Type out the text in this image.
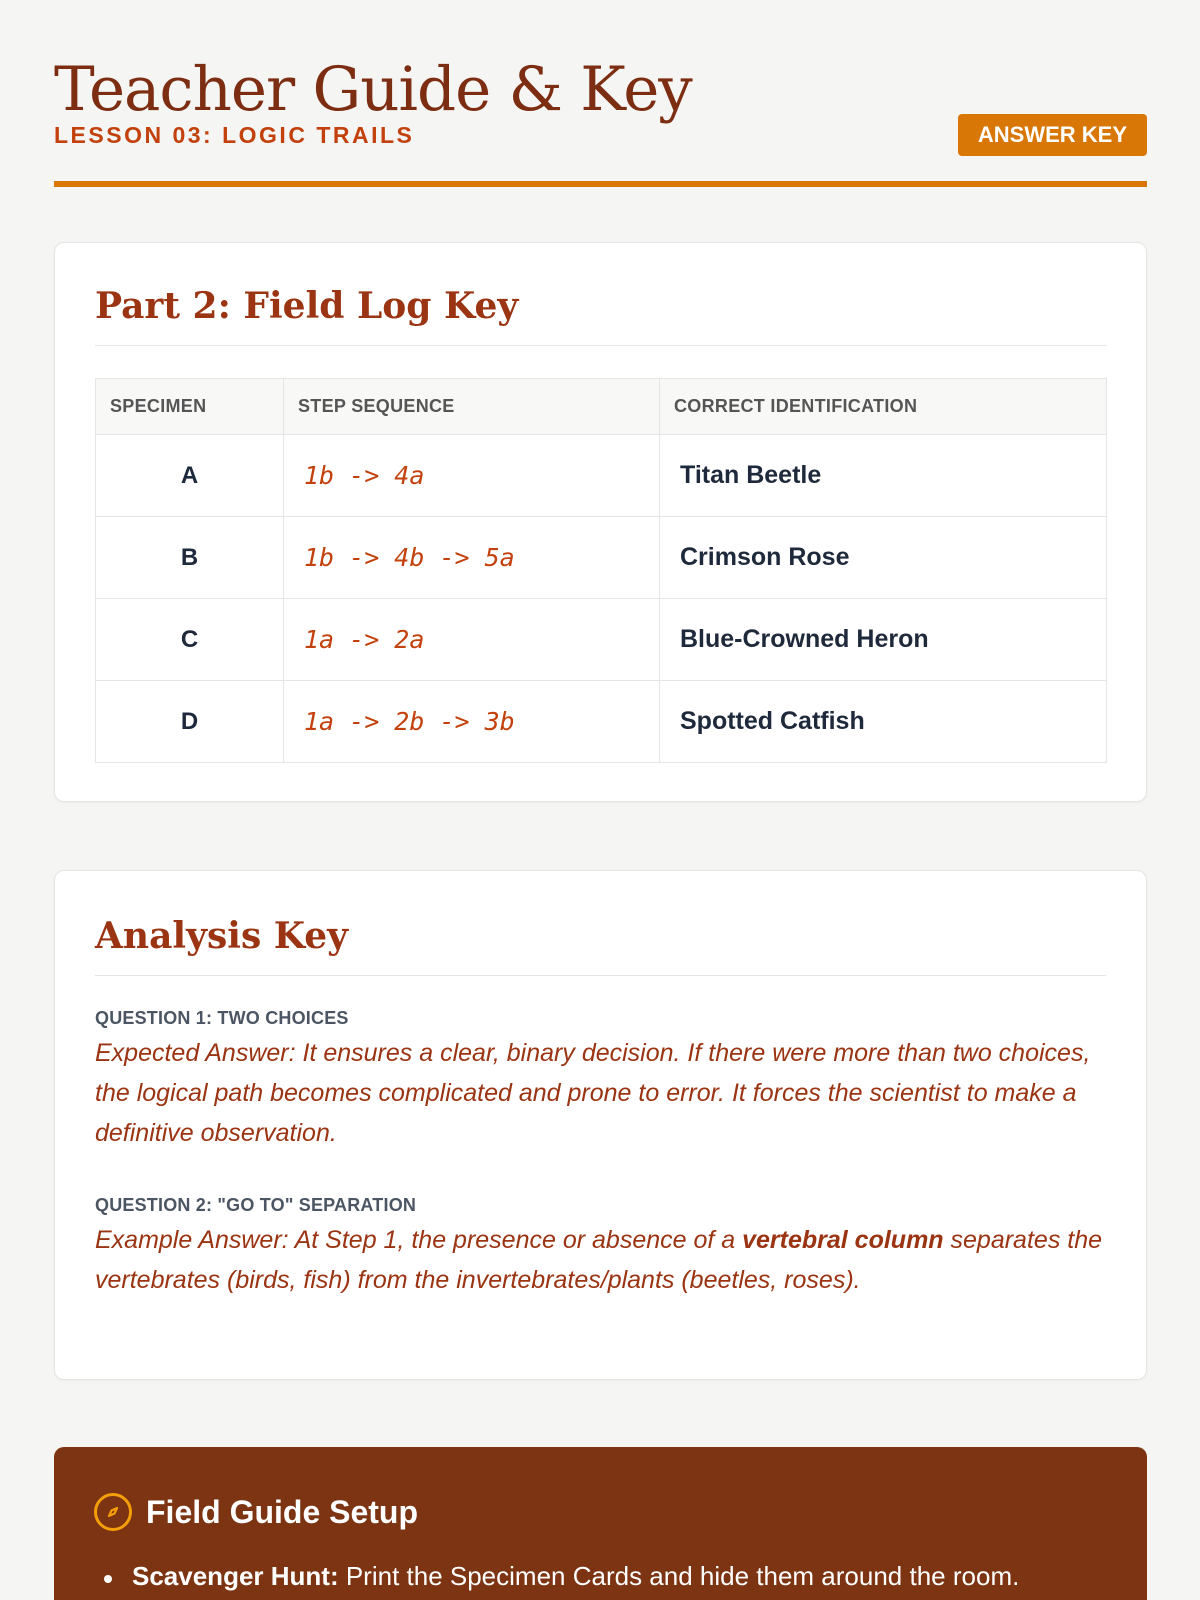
Teacher Guide & Key
LESSON 03: LOGIC TRAILS	ANSWER KEY
Part 2: Field Log Key
SPECIMEN	STEP SEQUENCE	CORRECT IDENTIFICATION
A	1b -> 4a	Titan Beetle
B	1b -> 4b -> 5a	Crimson Rose
C	1a -> 2a	Blue-Crowned Heron
D	1a -> 2b -> 3b	Spotted Catfish
Analysis Key
QUESTION 1: TWO CHOICES

Expected Answer: It ensures a clear, binary decision. If there were more than two choices, the logical path becomes complicated and prone to error. It forces the scientist to make a definitive observation.

QUESTION 2: "GO TO" SEPARATION

Example Answer: At Step 1, the presence or absence of a vertebral column separates the vertebrates (birds, fish) from the invertebrates/plants (beetles, roses).

Field Guide Setup
Scavenger Hunt: Print the Specimen Cards and hide them around the room.
